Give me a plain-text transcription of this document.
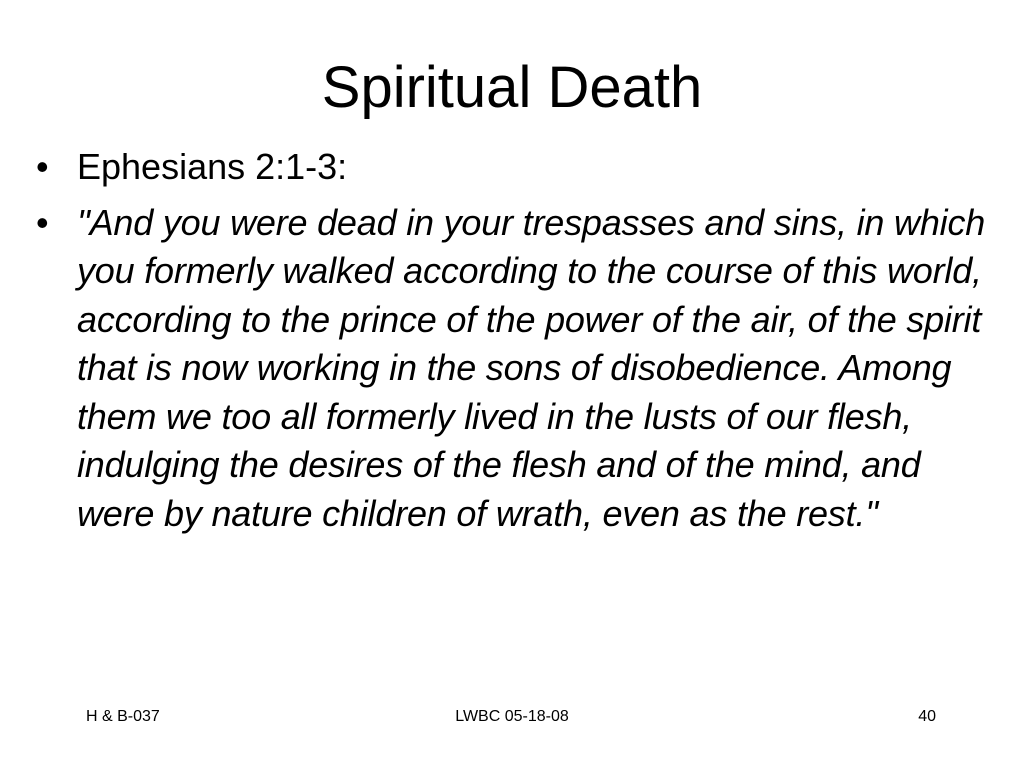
Spiritual Death
• Ephesians 2:1-3:
• "And you were dead in your trespasses and sins, in which you formerly walked according to the course of this world, according to the prince of the power of the air, of the spirit that is now working in the sons of disobedience. Among them we too all formerly lived in the lusts of our flesh, indulging the desires of the flesh and of the mind, and were by nature children of wrath, even as the rest."
H & B-037	LWBC 05-18-08	40
